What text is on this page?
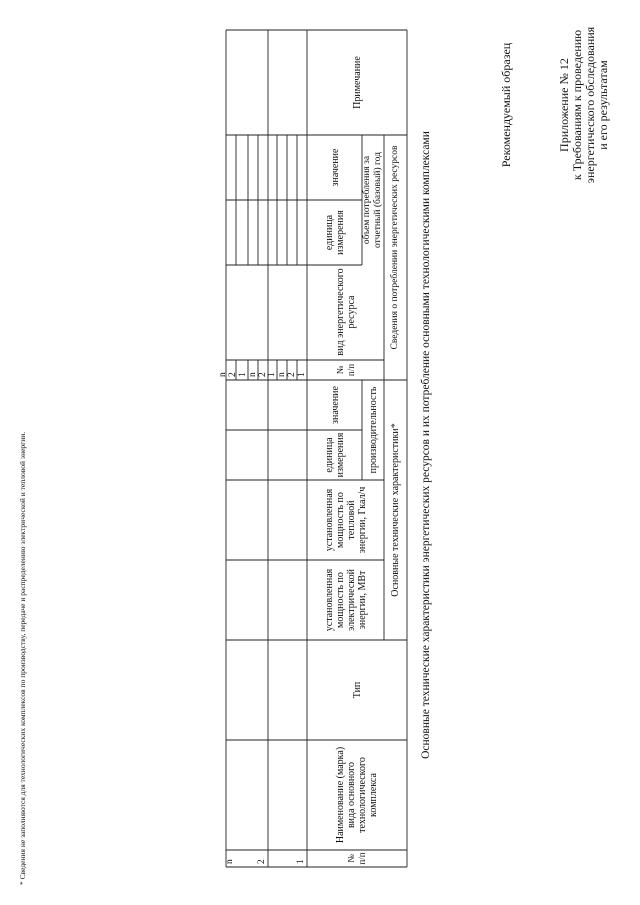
Приложение № 12 к Требованиям к проведению энергетического обследования и его результатам
Рекомендуемый образец
Основные технические характеристики энергетических ресурсов и их потребление основными технологическими комплексами
№ п/п
Наименование (марка) вида основного технологического комплекса
Тип
Основные технические характеристики*
установленная мощность по электрической энергии, МВт
установленная мощность по тепловой энергии, Гкал/ч
производительность
единица измерения
значение
Сведения о потреблении энергетических ресурсов
№ п/п
вид энергетического ресурса
объем потребления за отчетный (базовый) год
единица измерения
значение
Примечание
1
2
n
1
2
n
1
2
n
1
2
n
* Сведения не заполняются для технологических комплексов по производству, передаче и распределению электрической и тепловой энергии.
